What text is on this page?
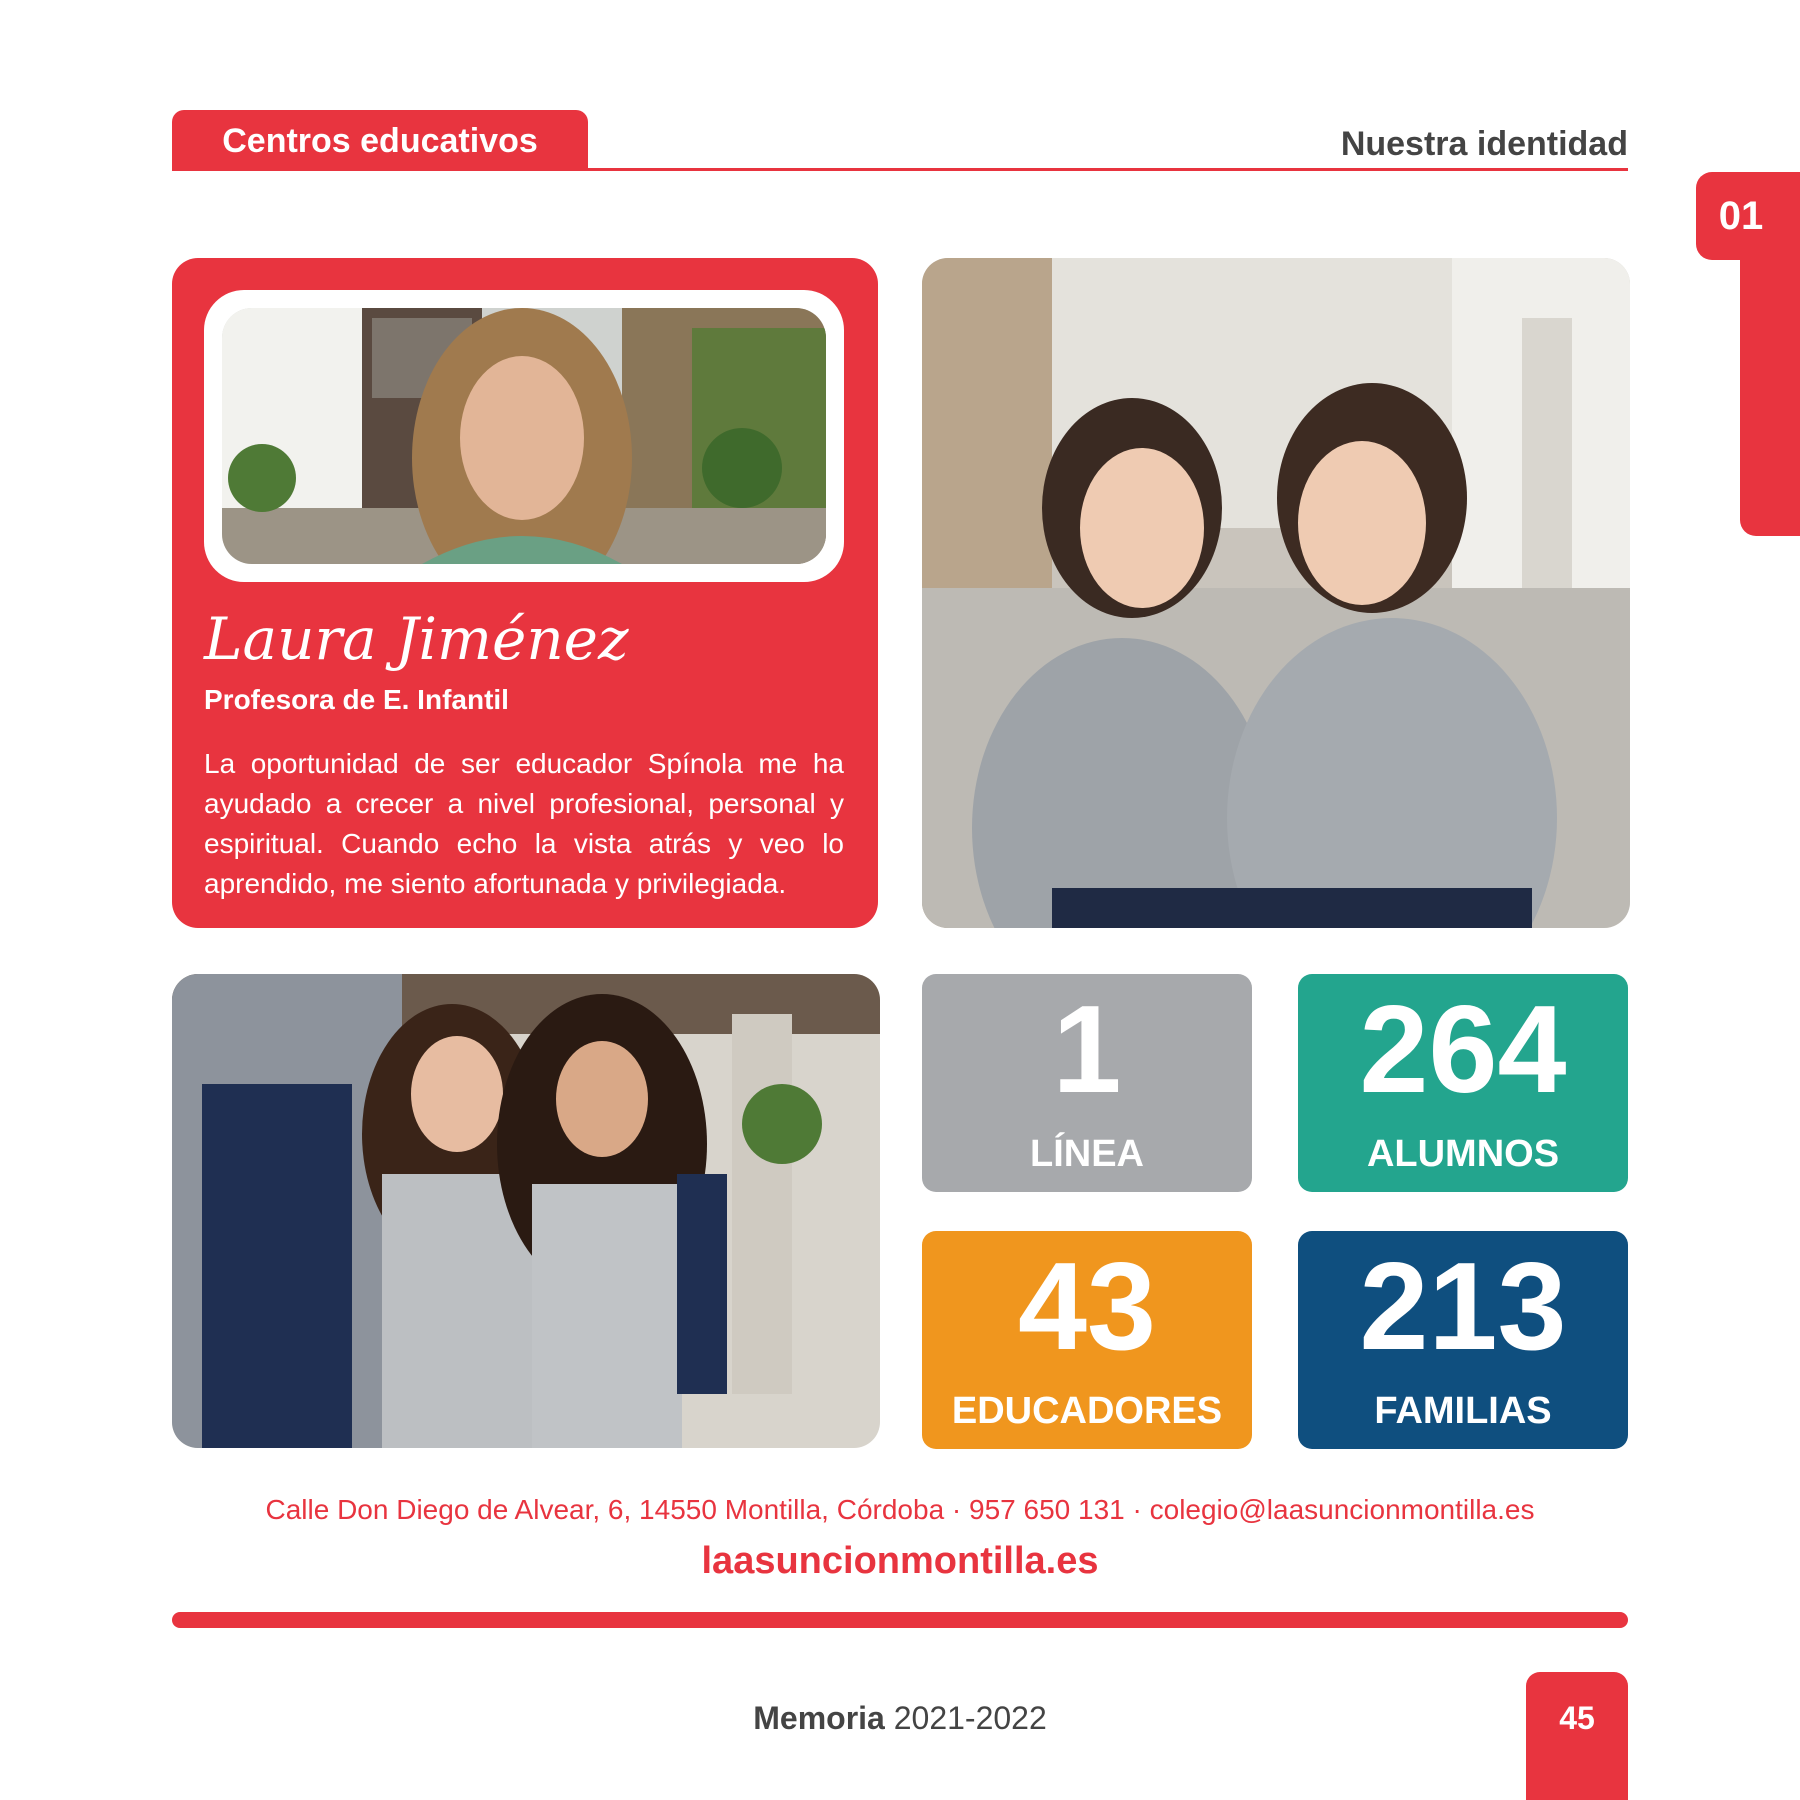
Centros educativos	Nuestra identidad
01
Laura Jiménez
Profesora de E. Infantil
La oportunidad de ser educador Spínola me ha ayudado a crecer a nivel profesional, personal y espiritual. Cuando echo la vista atrás y veo lo aprendido, me siento afortunada y privilegiada.
1
LÍNEA
264
ALUMNOS
43
EDUCADORES
213
FAMILIAS
Calle Don Diego de Alvear, 6, 14550 Montilla, Córdoba · 957 650 131 · colegio@laasuncionmontilla.es
laasuncionmontilla.es
Memoria 2021-2022	45
